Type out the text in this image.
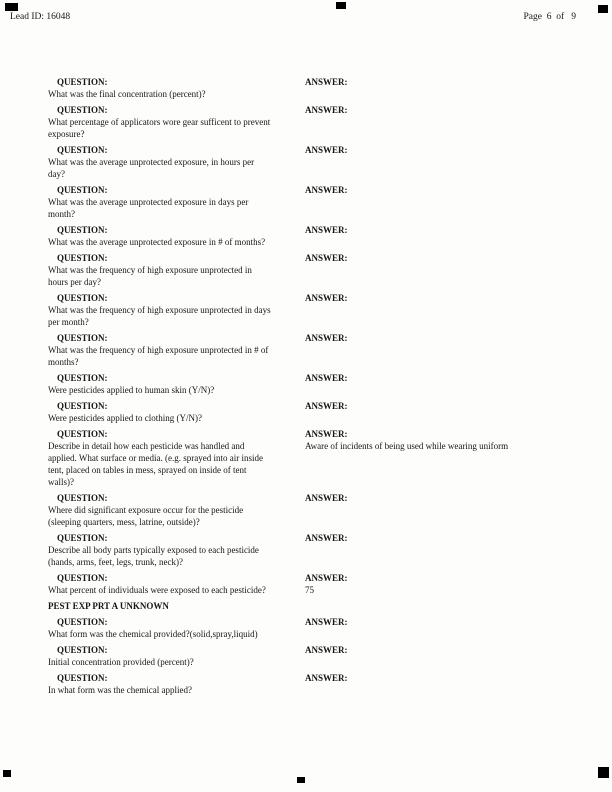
Lead ID: 16048	Page  6  of   9
QUESTION:
What was the final concentration (percent)?
ANSWER:
QUESTION:
What percentage of applicators wore gear sufficent to prevent exposure?
ANSWER:
QUESTION:
What was the average unprotected exposure, in hours per day?
ANSWER:
QUESTION:
What was the average unprotected exposure in days per month?
ANSWER:
QUESTION:
What was the average unprotected exposure in # of months?
ANSWER:
QUESTION:
What was the frequency of high exposure unprotected in hours per day?
ANSWER:
QUESTION:
What was the frequency of high exposure unprotected in days per month?
ANSWER:
QUESTION:
What was the frequency of high exposure unprotected in # of months?
ANSWER:
QUESTION:
Were pesticides applied to human skin (Y/N)?
ANSWER:
QUESTION:
Were pesticides applied to clothing (Y/N)?
ANSWER:
QUESTION:
Describe in detail how each pesticide was handled and applied. What surface or media. (e.g. sprayed into air inside tent, placed on tables in mess, sprayed on inside of tent walls)?
ANSWER:
Aware of incidents of being used while wearing uniform
QUESTION:
Where did significant exposure occur for the pesticide (sleeping quarters, mess, latrine, outside)?
ANSWER:
QUESTION:
Describe all body parts typically exposed to each pesticide (hands, arms, feet, legs, trunk, neck)?
ANSWER:
QUESTION:
What percent of individuals were exposed to each pesticide?
ANSWER:
75
PEST EXP PRT A UNKNOWN
QUESTION:
What form was the chemical provided?(solid,spray,liquid)
ANSWER:
QUESTION:
Initial concentration provided (percent)?
ANSWER:
QUESTION:
In what form was the chemical applied?
ANSWER:
